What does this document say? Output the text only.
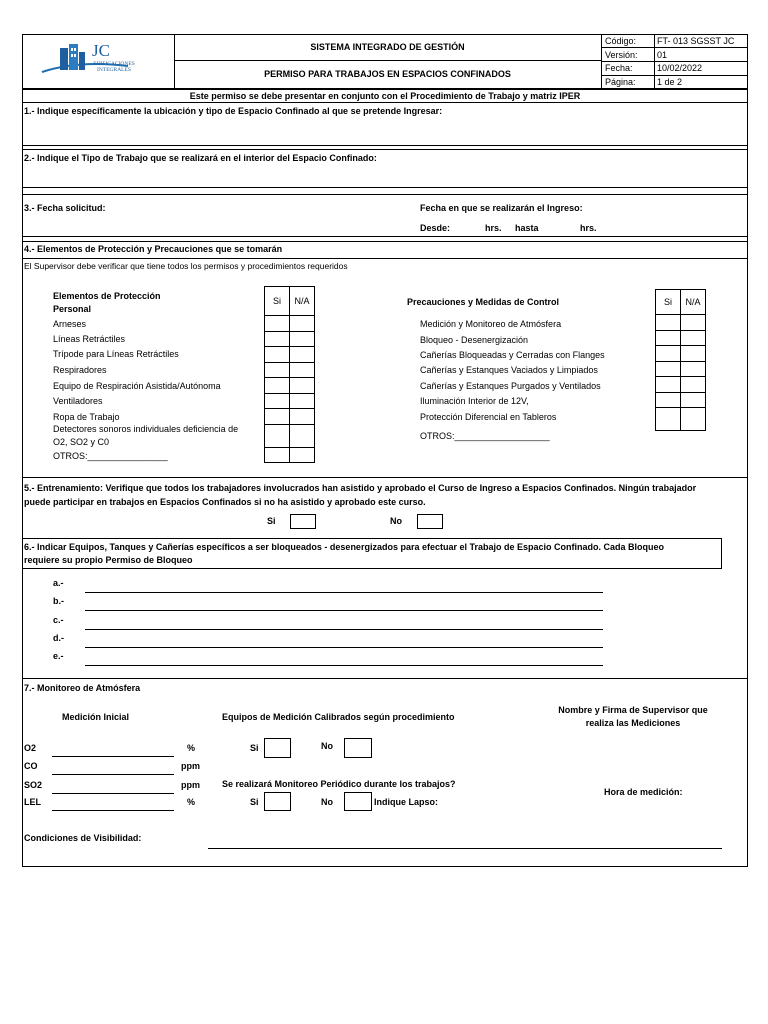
JC
EDIFICACIONES INTEGRALES
SISTEMA INTEGRADO DE GESTIÓN
PERMISO PARA TRABAJOS EN ESPACIOS CONFINADOS
Código: FT- 013 SGSST JC
Versión: 01
Fecha:	10/02/2022
Página: 1 de 2
Este permiso se debe presentar en conjunto con el Procedimiento de Trabajo y matriz IPER
1.- Indique específicamente la ubicación y tipo de Espacio Confinado al que se pretende Ingresar:
2.- Indique el Tipo de Trabajo que se realizará en el interior del Espacio Confinado:
3.- Fecha solicitud:	Fecha en que se realizarán el Ingreso:
Desde:	hrs. hasta	hrs.
4.- Elementos de Protección y Precauciones que se tomarán
El Supervisor debe verificar que tiene todos los permisos y procedimientos requeridos
Elementos de Protección
Personal
Si	N/A

Arneses
Líneas Retráctiles
Trípode para Líneas Retráctiles
Respiradores
Equipo de Respiración Asistida/Autónoma
Ventiladores
Ropa de Trabajo
Detectores sonoros individuales deficiencia de
O2, SO2 y C0
OTROS:________________
Precauciones y Medidas de Control	Si	N/A

Medición y Monitoreo de Atmósfera
Bloqueo - Desenergización
Cañerías Bloqueadas y Cerradas con Flanges
Cañerías y Estanques Vaciados y Limpiados
Cañerías y Estanques Purgados y Ventilados
Iluminación Interior de 12V,
Protección Diferencial en Tableros
OTROS:___________________
5.- Entrenamiento: Verifique que todos los trabajadores involucrados han asistido y aprobado el Curso de Ingreso a Espacios Confinados. Ningún trabajador
puede participar en trabajos en Espacios Confinados si no ha asistido y aprobado este curso.
Si	No
6.- Indicar Equipos, Tanques y Cañerías específicos a ser bloqueados - desenergizados para efectuar el Trabajo de Espacio Confinado. Cada Bloqueo
requiere su propio Permiso de Bloqueo
a.-
b.-
c.-
d.-
e.-
7.- Monitoreo de Atmósfera
Medición Inicial	Equipos de Medición Calibrados según procedimiento
Nombre y Firma de Supervisor que
realiza las Mediciones
O2	%
CO	ppm
SO2	ppm
LEL	%
Si	No
Se realizará Monitoreo Periódico durante los trabajos?
Si	No	Indique Lapso:
Hora de medición:
Condiciones de Visibilidad:
